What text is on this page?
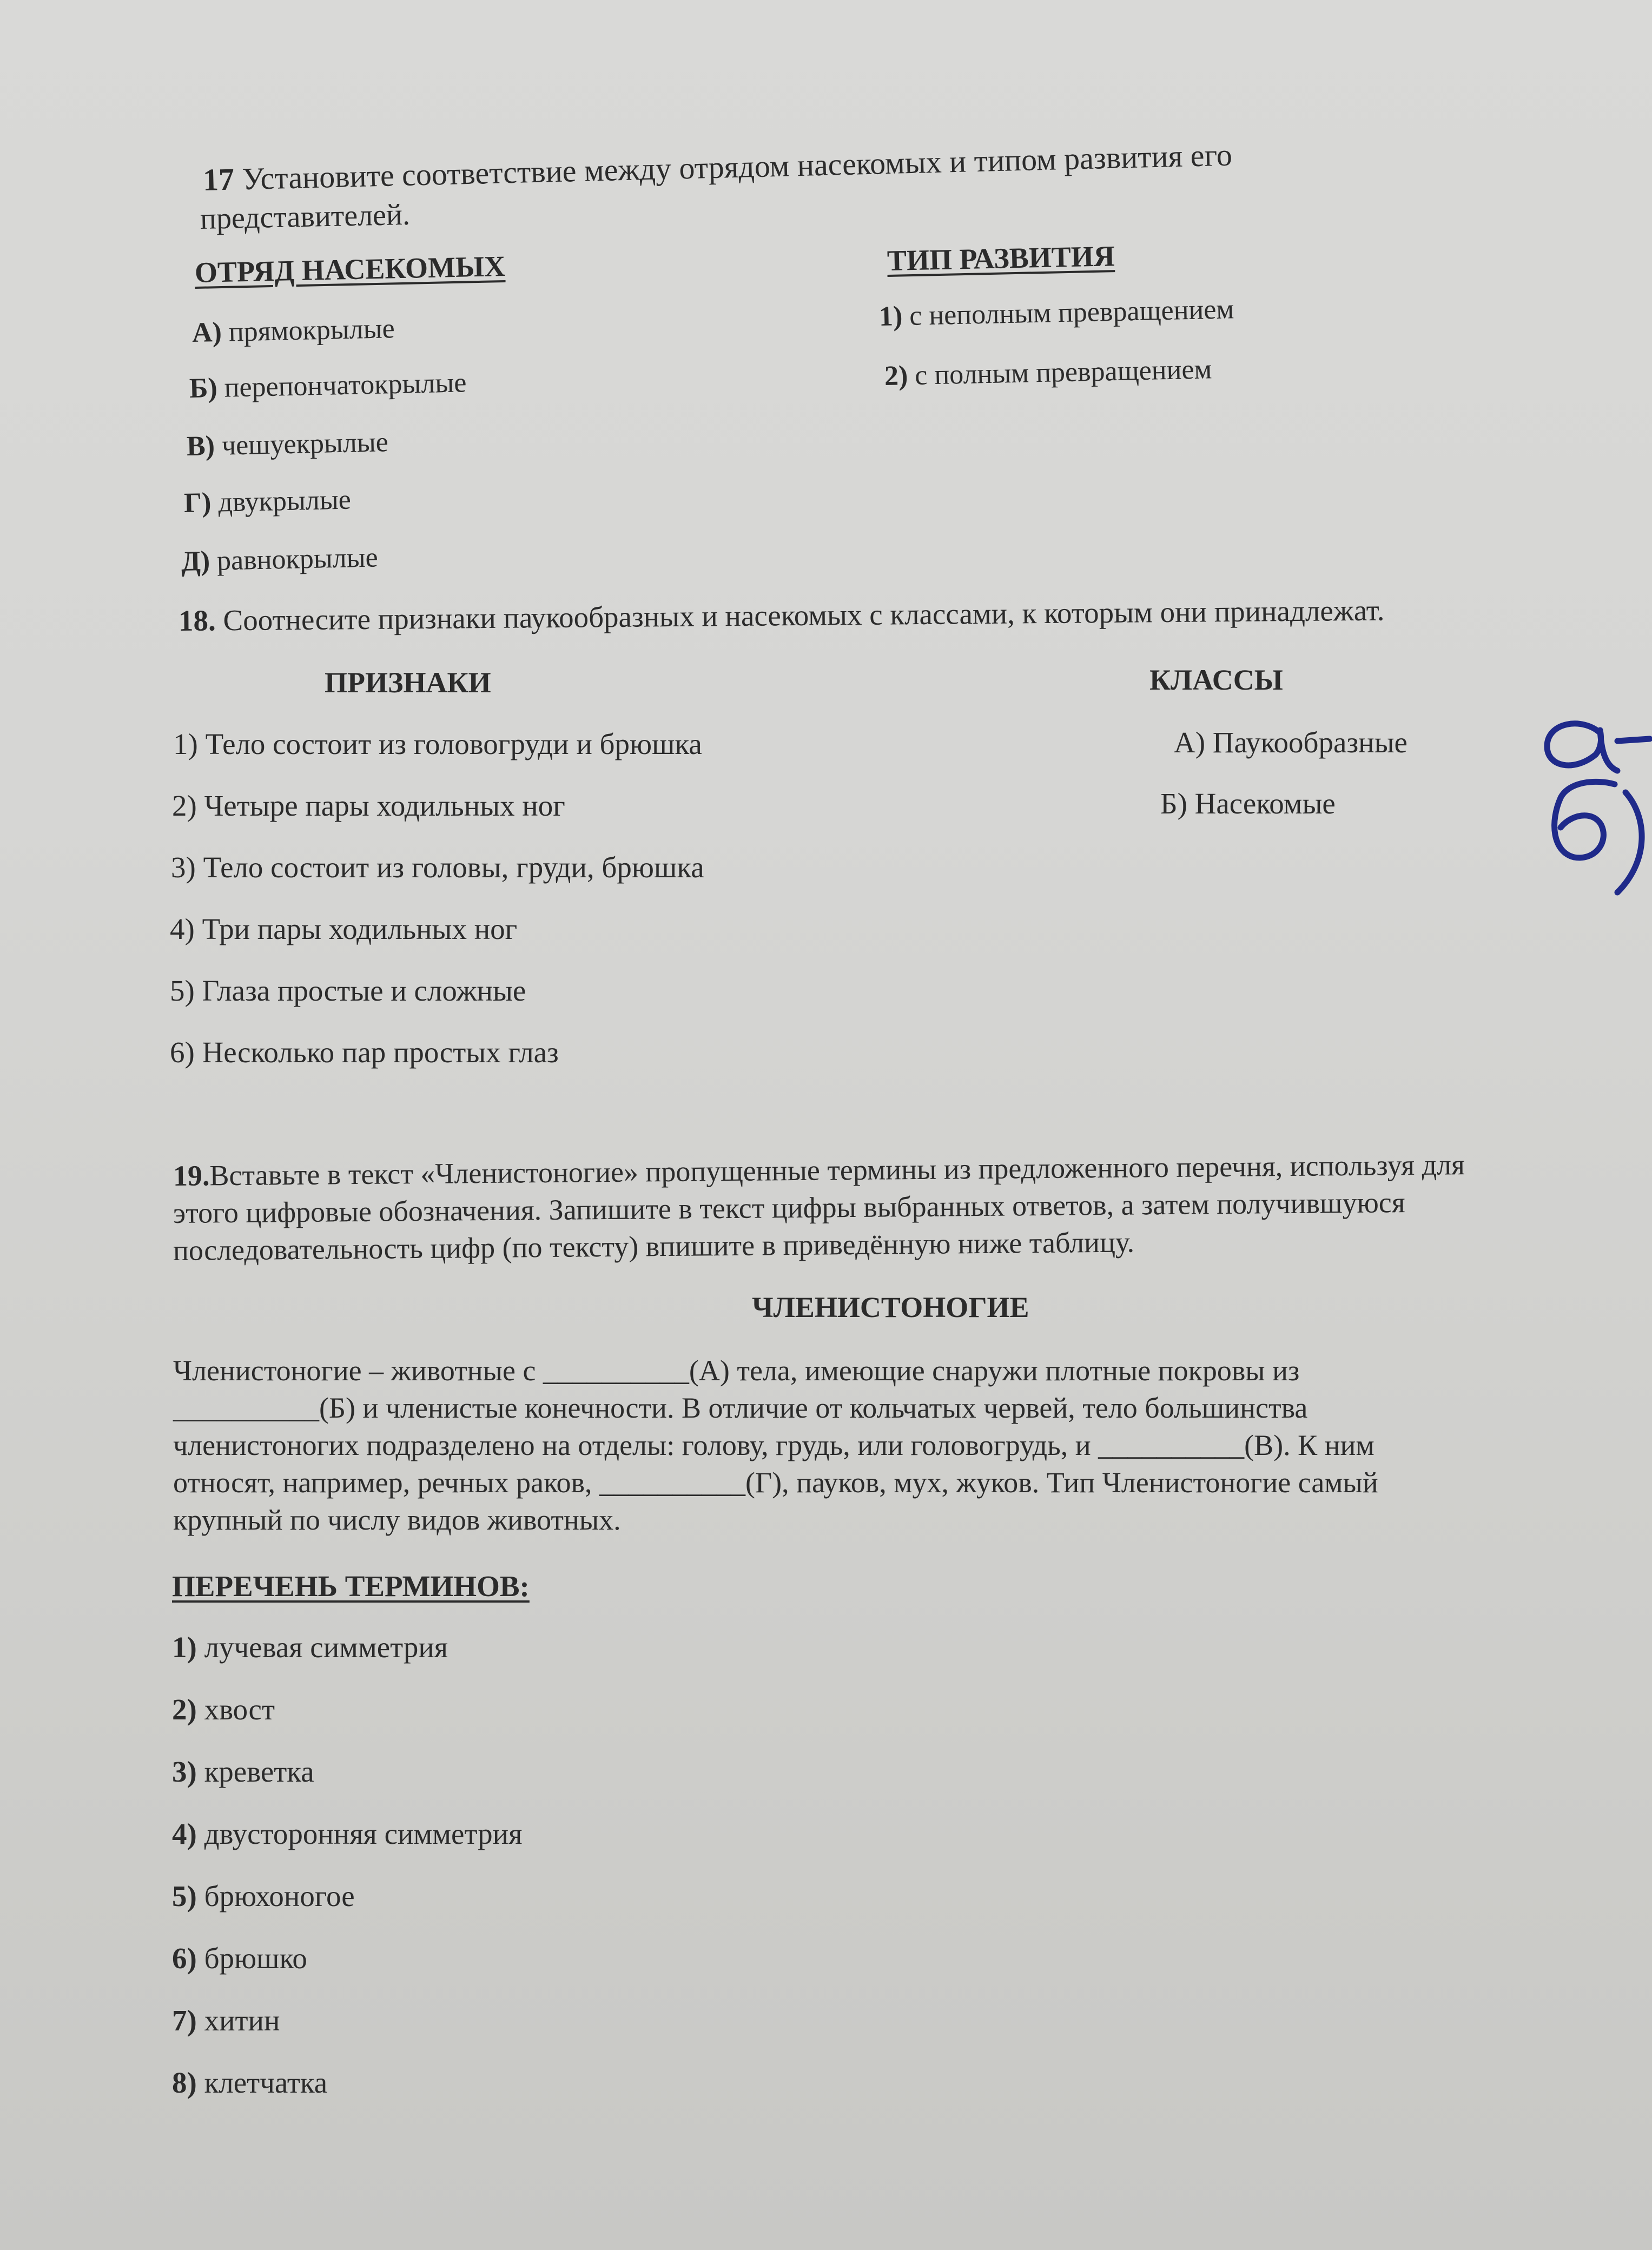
17 Установите соответствие между отрядом насекомых и типом развития его
представителей.
ОТРЯД НАСЕКОМЫХ	ТИП РАЗВИТИЯ
А) прямокрылые
Б) перепончатокрылые
В) чешуекрылые
Г) двукрылые
Д) равнокрылые
1) с неполным превращением
2) с полным превращением
18. Соотнесите признаки паукообразных и насекомых с классами, к которым они принадлежат.
ПРИЗНАКИ	КЛАССЫ
1) Тело состоит из головогруди и брюшка
2) Четыре пары ходильных ног
3) Тело состоит из головы, груди, брюшка
4) Три пары ходильных ног
5) Глаза простые и сложные
6) Несколько пар простых глаз
А) Паукообразные
Б) Насекомые
19.Вставьте в текст «Членистоногие» пропущенные термины из предложенного перечня, используя для
этого цифровые обозначения. Запишите в текст цифры выбранных ответов, а затем получившуюся
последовательность цифр (по тексту) впишите в приведённую ниже таблицу.
ЧЛЕНИСТОНОГИЕ
Членистоногие – животные с __________(А) тела, имеющие снаружи плотные покровы из
__________(Б) и членистые конечности. В отличие от кольчатых червей, тело большинства
членистоногих подразделено на отделы: голову, грудь, или головогрудь, и __________(В). К ним
относят, например, речных раков, __________(Г), пауков, мух, жуков. Тип Членистоногие самый
крупный по числу видов животных.
ПЕРЕЧЕНЬ ТЕРМИНОВ:
1) лучевая симметрия
2) хвост
3) креветка
4) двусторонняя симметрия
5) брюхоногое
6) брюшко
7) хитин
8) клетчатка
